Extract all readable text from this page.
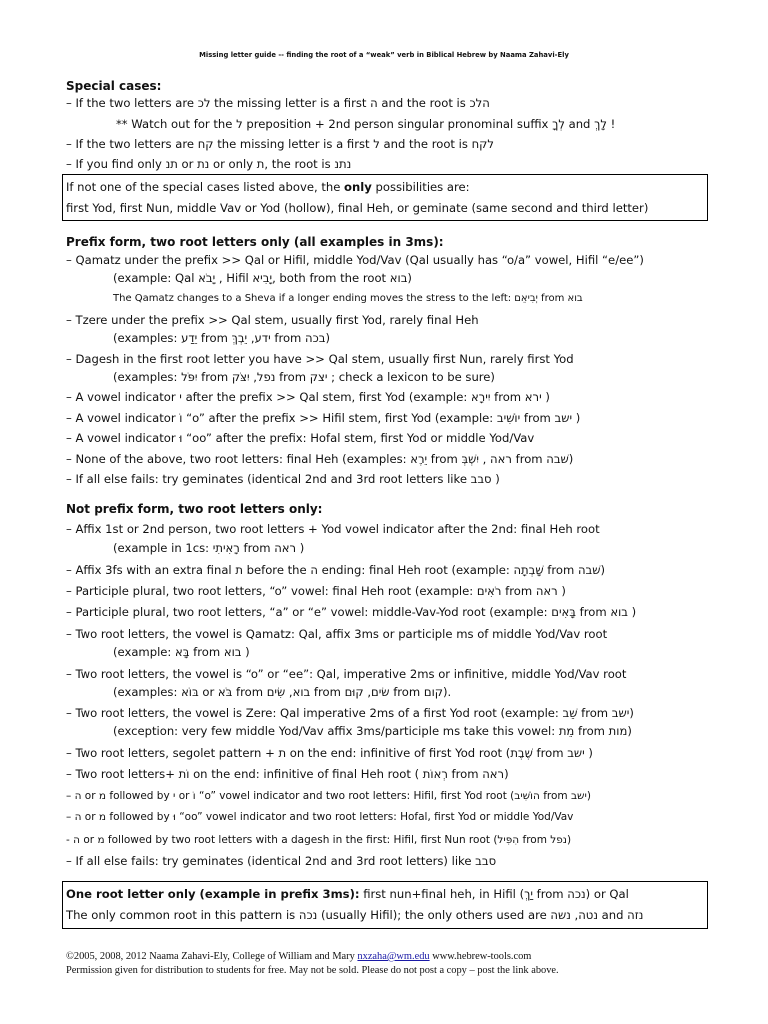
Missing letter guide -- finding the root of a “weak” verb in Biblical Hebrew by Naama Zahavi-Ely
Special cases:
– If the two letters are לכ the missing letter is a first ה and the root is הלכ
** Watch out for the ל preposition + 2nd person singular pronominal suffix לְךָ and לָךְ !
– If the two letters are קח the missing letter is a first ל and the root is לקח
– If you find only תנ or נת or only ת, the root is נתנ
If not one of the special cases listed above, the only possibilities are:
first Yod, first Nun, middle Vav or Yod (hollow), final Heh, or geminate (same second and third letter)
Prefix form, two root letters only (all examples in 3ms):
– Qamatz under the prefix >> Qal or Hifil, middle Yod/Vav (Qal usually has “o/a” vowel, Hifil “e/ee”)
(example: Qal יָבֹא , Hifil יָבִיא, both from the root בוא)
The Qamatz changes to a Sheva if a longer ending moves the stress to the left: יְבִיאֵם from בוא
– Tzere under the prefix >> Qal stem, usually first Yod, rarely final Heh
(examples: יֵדַע from ידע, יֵבְךְּ from בכה)
– Dagesh in the first root letter you have >> Qal stem, usually first Nun, rarely first Yod
(examples: יִפֹּל from נפל, יִצֹּק from יצק ; check a lexicon to be sure)
– A vowel indicator י after the prefix >> Qal stem, first Yod (example: יִירָא from ירא )
– A vowel indicator וֹ “o” after the prefix >> Hifil stem, first Yod (example: יוֹשִׁיב from ישב )
– A vowel indicator וּ “oo” after the prefix: Hofal stem, first Yod or middle Yod/Vav
– None of the above, two root letters: final Heh (examples: יֵרֶא from ראה , יִשְׁבְּ from שׁבה)
– If all else fails: try geminates (identical 2nd and 3rd root letters like סבב )
Not prefix form, two root letters only:
– Affix 1st or 2nd person, two root letters + Yod vowel indicator after the 2nd: final Heh root
(example in 1cs: רָאִיתִי from ראה )
– Affix 3fs with an extra final ת before the ה ending: final Heh root (example: שָׁבְתָה from שׁבה)
– Participle plural, two root letters, “o” vowel: final Heh root (example: רֹאִים from ראה )
– Participle plural, two root letters, “a” or “e” vowel: middle-Vav-Yod root (example: בָּאִים from בוא )
– Two root letters, the vowel is Qamatz: Qal, affix 3ms or participle ms of middle Yod/Vav root
(example: בָּא from בוא )
– Two root letters, the vowel is “o” or “ee”: Qal, imperative 2ms or infinitive, middle Yod/Vav root
(examples: בּוֹא or בֹּא from בוא, שִׂים from שׂים, קוּם from קום).
– Two root letters, the vowel is Zere: Qal imperative 2ms of a first Yod root (example: שֵׁב from ישב)
(exception: very few middle Yod/Vav affix 3ms/participle ms take this vowel: מֵת from מות)
– Two root letters, segolet pattern + ת on the end: infinitive of first Yod root (שֶׁבֶת from ישב )
– Two root letters+ וֹת on the end: infinitive of final Heh root ( רְאוֹת from ראה)
– ה or מ followed by י or וֹ “o” vowel indicator and two root letters: Hifil, first Yod root (הוֹשִׁיב from ישב)
– ה or מ followed by וּ “oo” vowel indicator and two root letters: Hofal, first Yod or middle Yod/Vav
- ה or מ followed by two root letters with a dagesh in the first: Hifil, first Nun root (הִפִּיל from נפל)
– If all else fails: try geminates (identical 2nd and 3rd root letters) like סבב
One root letter only (example in prefix 3ms): first nun+final heh, in Hifil (יַךְ from נכה) or Qal
The only common root in this pattern is נכה (usually Hifil); the only others used are נטה, נשה and נזה
©2005, 2008, 2012 Naama Zahavi-Ely, College of William and Mary nxzaha@wm.edu www.hebrew-tools.com
Permission given for distribution to students for free. May not be sold. Please do not post a copy – post the link above.
